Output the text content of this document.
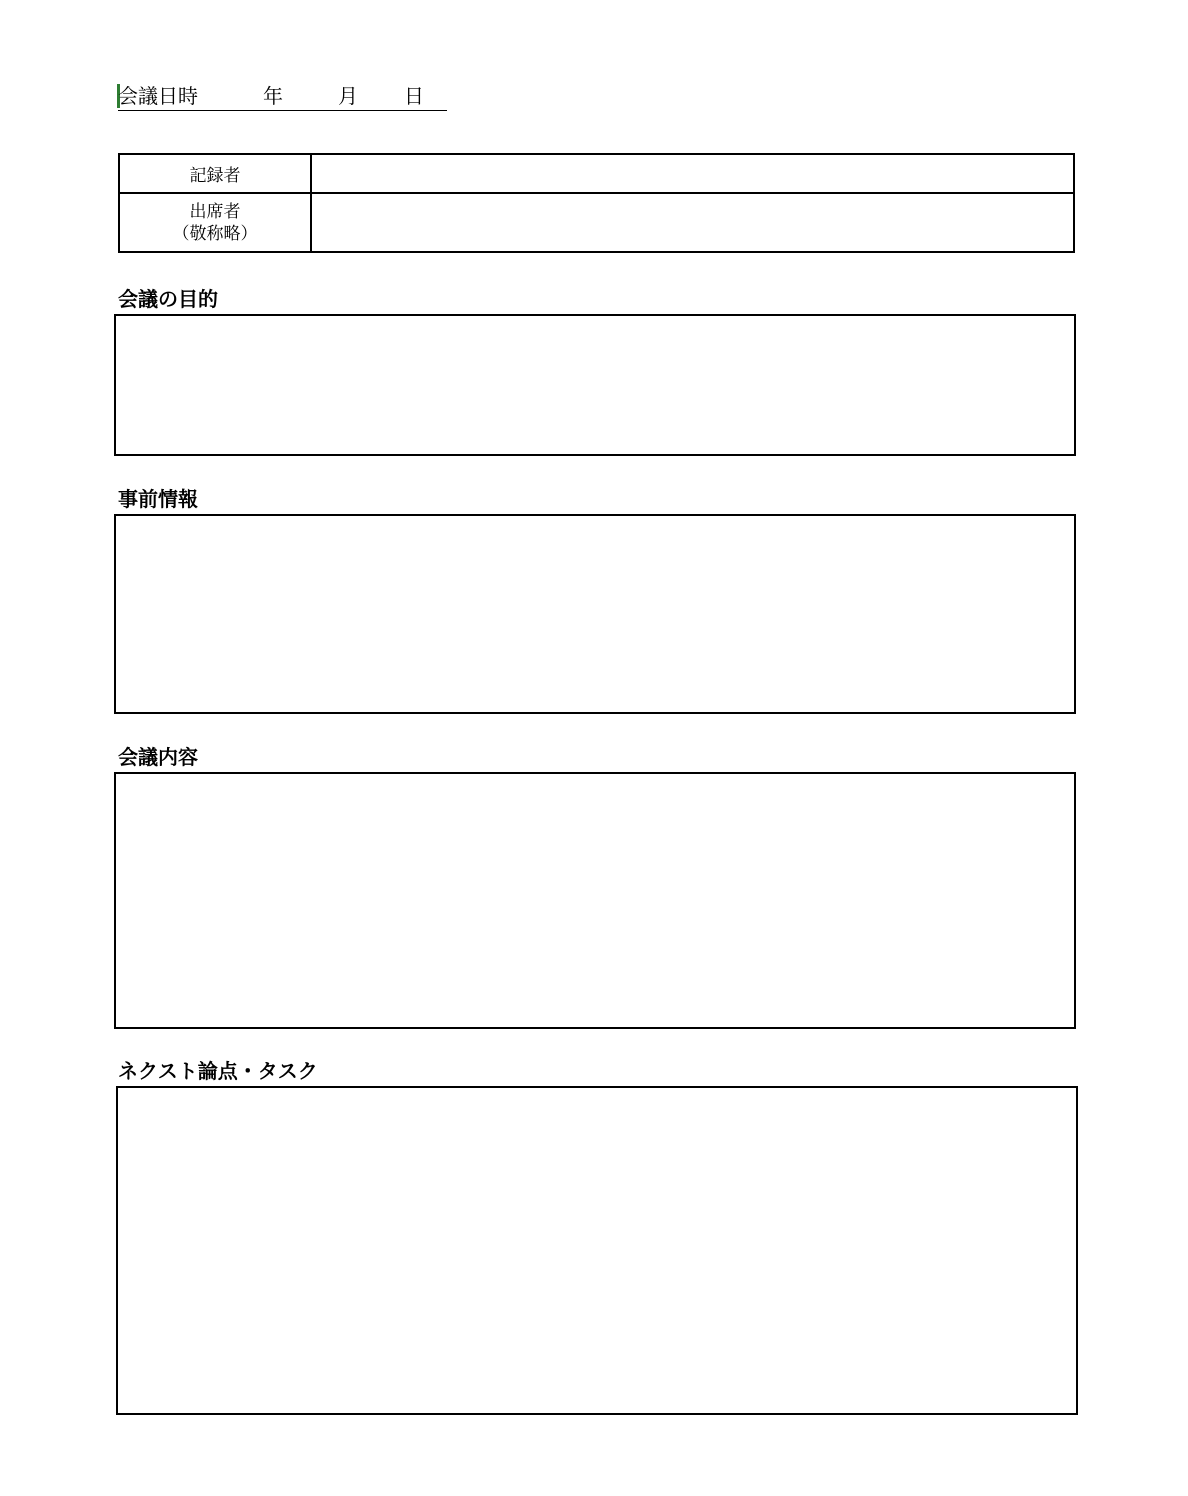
会議日時	年	月 日
記録者	

出席者
（敬称略）	

会議の目的
事前情報
会議内容
ネクスト論点・タスク
